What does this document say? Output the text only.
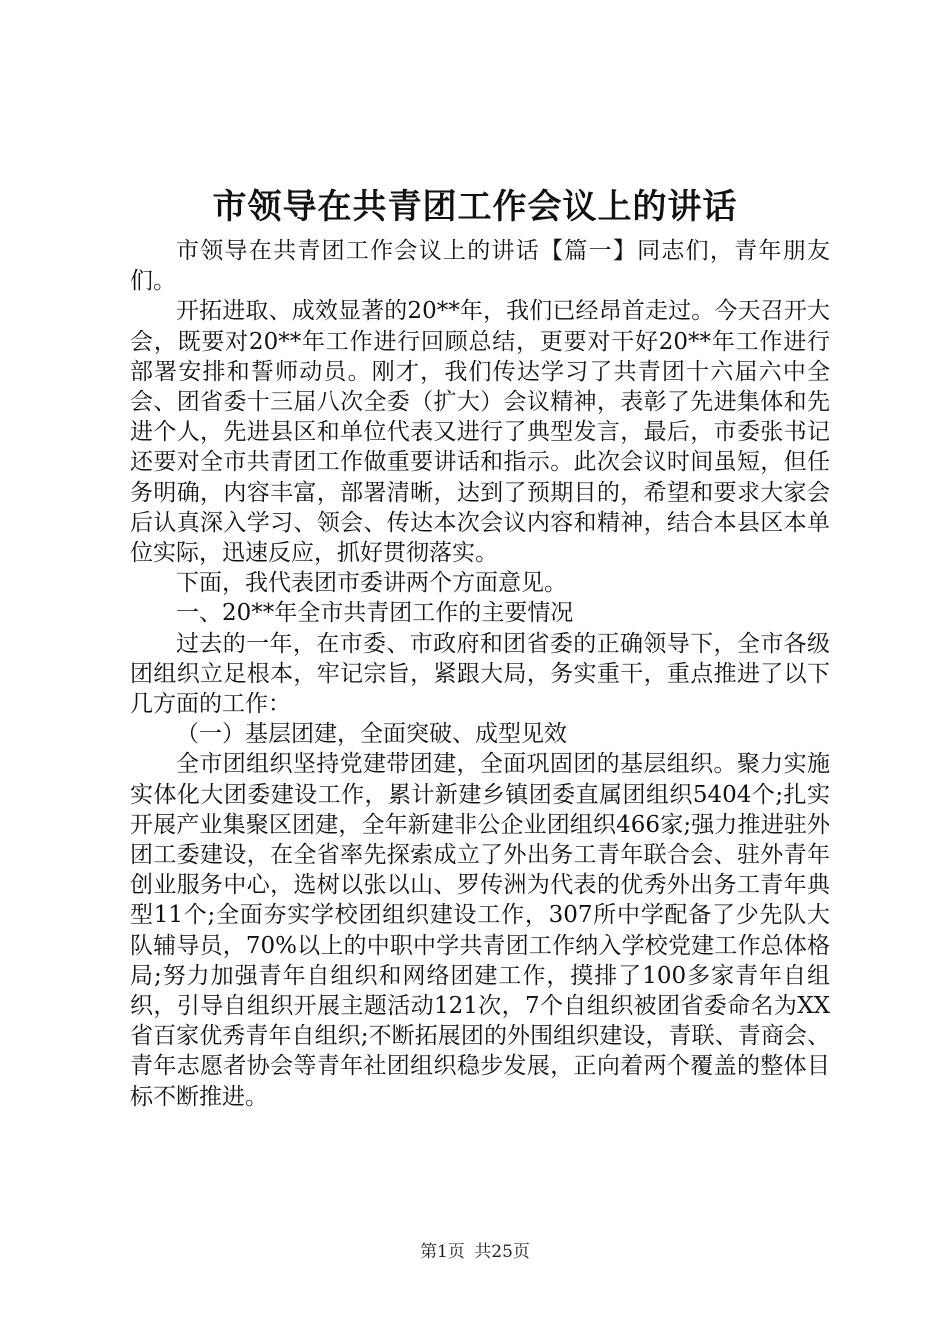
市领导在共青团工作会议上的讲话

市领导在共青团工作会议上的讲话【篇一】同志们，青年朋友们。

开拓进取、成效显著的20**年，我们已经昂首走过。今天召开大会，既要对20**年工作进行回顾总结，更要对干好20**年工作进行部署安排和誓师动员。刚才，我们传达学习了共青团十六届六中全会、团省委十三届八次全委（扩大）会议精神，表彰了先进集体和先进个人，先进县区和单位代表又进行了典型发言，最后，市委张书记还要对全市共青团工作做重要讲话和指示。此次会议时间虽短，但任务明确，内容丰富，部署清晰，达到了预期目的，希望和要求大家会后认真深入学习、领会、传达本次会议内容和精神，结合本县区本单位实际，迅速反应，抓好贯彻落实。

下面，我代表团市委讲两个方面意见。

一、20**年全市共青团工作的主要情况

过去的一年，在市委、市政府和团省委的正确领导下，全市各级团组织立足根本，牢记宗旨，紧跟大局，务实重干，重点推进了以下几方面的工作：

（一）基层团建，全面突破、成型见效

全市团组织坚持党建带团建，全面巩固团的基层组织。聚力实施实体化大团委建设工作，累计新建乡镇团委直属团组织5404个;扎实开展产业集聚区团建，全年新建非公企业团组织466家;强力推进驻外团工委建设，在全省率先探索成立了外出务工青年联合会、驻外青年创业服务中心，选树以张以山、罗传洲为代表的优秀外出务工青年典型11个;全面夯实学校团组织建设工作，307所中学配备了少先队大队辅导员，70%以上的中职中学共青团工作纳入学校党建工作总体格局;努力加强青年自组织和网络团建工作，摸排了100多家青年自组织，引导自组织开展主题活动121次，7个自组织被团省委命名为XX省百家优秀青年自组织;不断拓展团的外围组织建设，青联、青商会、青年志愿者协会等青年社团组织稳步发展，正向着两个覆盖的整体目标不断推进。

第1页 共25页
